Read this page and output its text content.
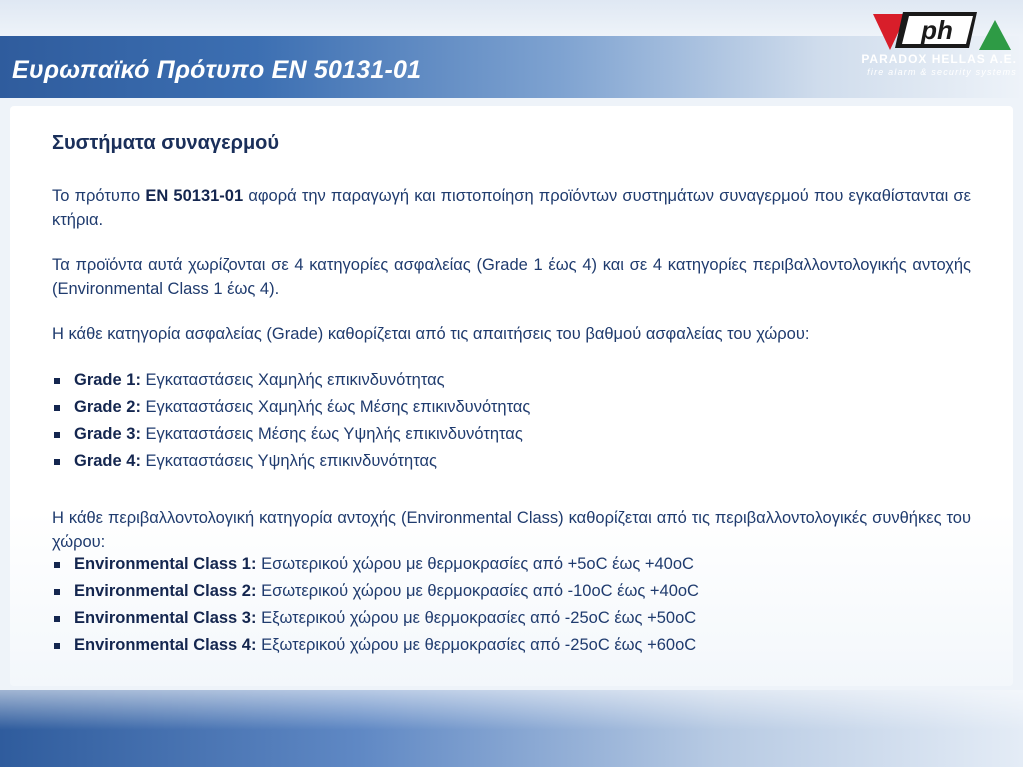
Ευρωπαϊκό Πρότυπο EN 50131-01
ph
PARADOX HELLAS A.E.
fire alarm & security systems
Συστήματα συναγερμού

Το πρότυπο EN 50131-01 αφορά την παραγωγή και πιστοποίηση προϊόντων συστημάτων συναγερμού που εγκαθίστανται σε κτήρια.

Τα προϊόντα αυτά χωρίζονται σε 4 κατηγορίες ασφαλείας (Grade 1 έως 4) και σε 4 κατηγορίες περιβαλλοντολογικής αντοχής (Environmental Class 1 έως 4).

Η κάθε κατηγορία ασφαλείας (Grade) καθορίζεται από τις απαιτήσεις του βαθμού ασφαλείας του χώρου:

Grade 1: Εγκαταστάσεις Χαμηλής επικινδυνότητας
Grade 2: Εγκαταστάσεις Χαμηλής έως Μέσης επικινδυνότητας
Grade 3: Εγκαταστάσεις Μέσης έως Υψηλής επικινδυνότητας
Grade 4: Εγκαταστάσεις Υψηλής επικινδυνότητας

Η κάθε περιβαλλοντολογική κατηγορία αντοχής (Environmental Class) καθορίζεται από τις περιβαλλοντολογικές συνθήκες του χώρου:

Environmental Class 1: Εσωτερικού χώρου με θερμοκρασίες από +5oC έως +40oC
Environmental Class 2: Εσωτερικού χώρου με θερμοκρασίες από -10oC έως +40oC
Environmental Class 3: Εξωτερικού χώρου με θερμοκρασίες από -25oC έως +50oC
Environmental Class 4: Εξωτερικού χώρου με θερμοκρασίες από -25oC έως +60oC
